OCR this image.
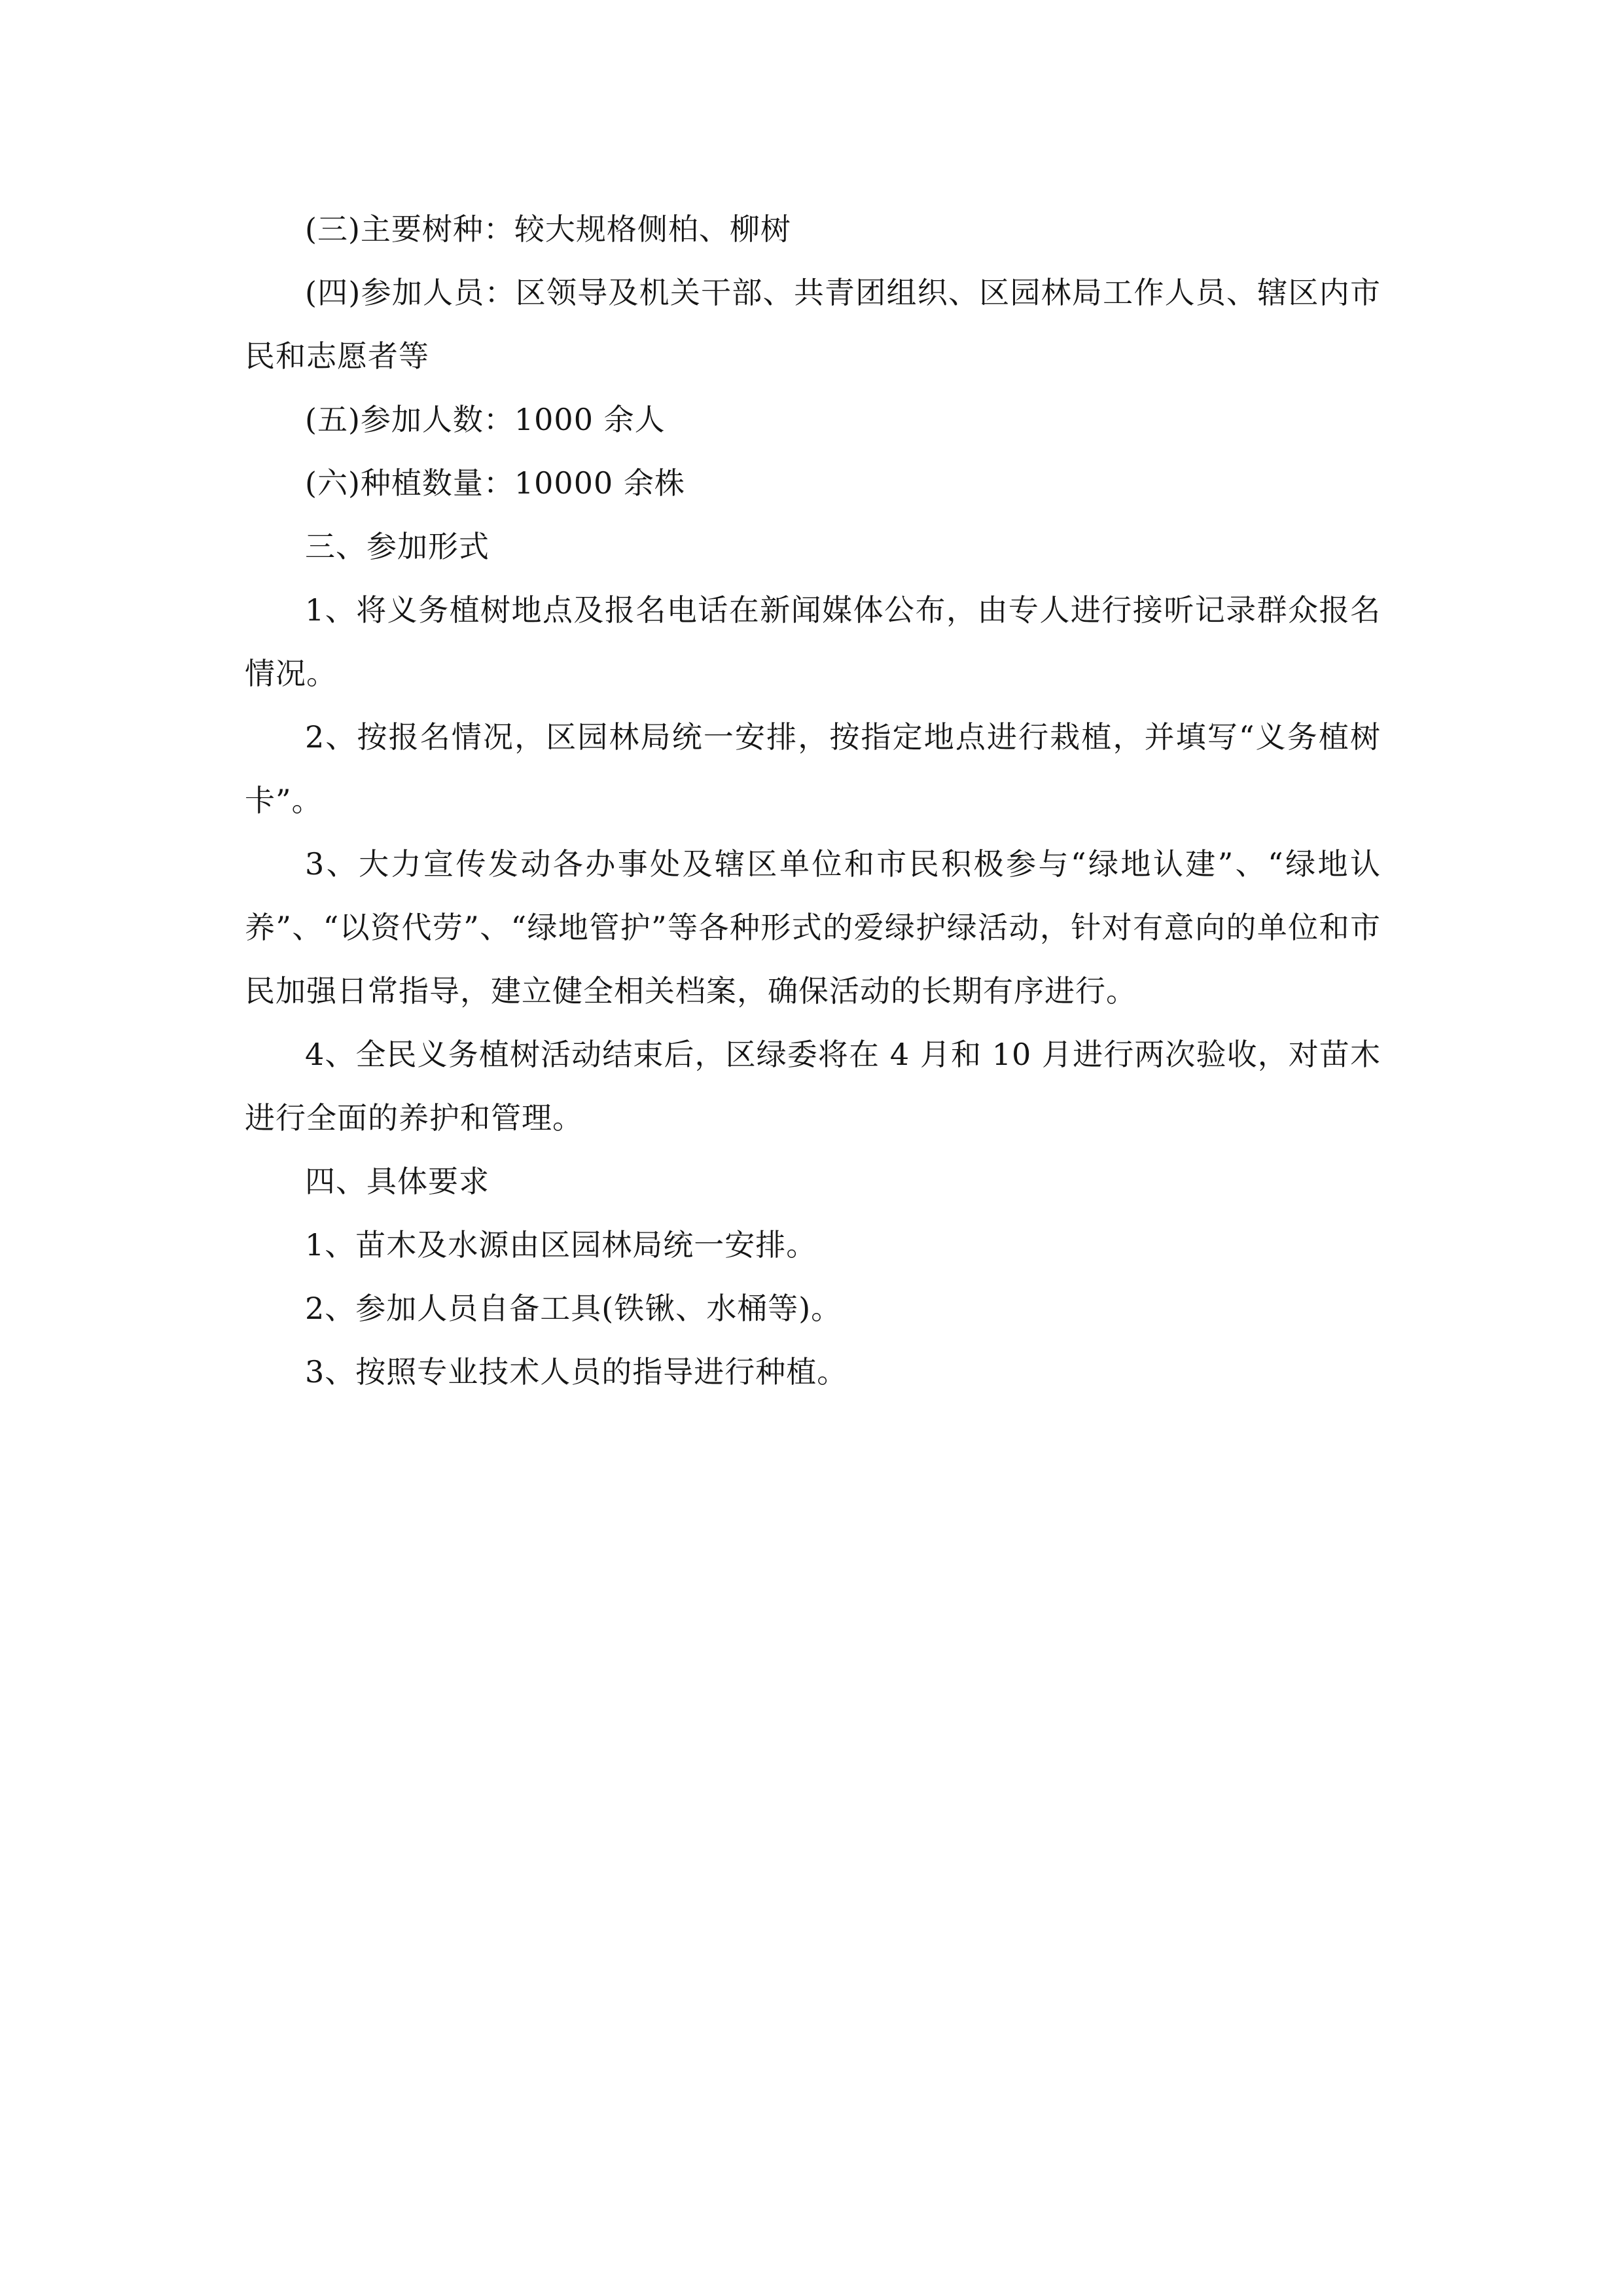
(三)主要树种：较大规格侧柏、柳树

(四)参加人员：区领导及机关干部、共青团组织、区园林局工作人员、辖区内市民和志愿者等

(五)参加人数：1000 余人

(六)种植数量：10000 余株

三、参加形式

1、将义务植树地点及报名电话在新闻媒体公布，由专人进行接听记录群众报名情况。

2、按报名情况，区园林局统一安排，按指定地点进行栽植，并填写“义务植树卡”。

3、大力宣传发动各办事处及辖区单位和市民积极参与“绿地认建”、“绿地认养”、“以资代劳”、“绿地管护”等各种形式的爱绿护绿活动，针对有意向的单位和市民加强日常指导，建立健全相关档案，确保活动的长期有序进行。

4、全民义务植树活动结束后，区绿委将在 4 月和 10 月进行两次验收，对苗木进行全面的养护和管理。

四、具体要求

1、苗木及水源由区园林局统一安排。

2、参加人员自备工具(铁锹、水桶等)。

3、按照专业技术人员的指导进行种植。
